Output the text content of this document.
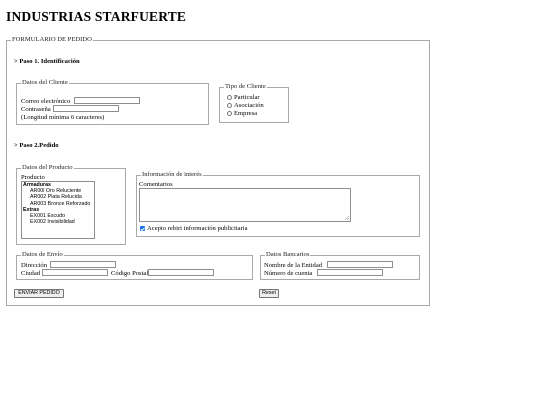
INDUSTRIAS STARFUERTE
FORMULARIO DE PEDIDO
> Paso 1. Identificación
Datos del Cliente
Correo electrónico
Contraseña
(Longitud mínima 6 caracteres)
Tipo de Cliente
Particular
Asociación
Empresa
> Paso 2.Pedido
Datos del Producto
Producto
Armaduras
AR00l Oro Reluciente
AR002 Plata Relucida
AR003 Bronce Reforzado
Extras
EX001 Escudo
EX002 Invisibilidad
Información de interés
Comentarios
Acepto rebiri información publicitaria
Datos de Envío
Dirección
Ciudad	Código Postal
Datos Bancarios
Nombre de la Entidad
Número de cuenta
ENVIAR PEDIDO	Reset
